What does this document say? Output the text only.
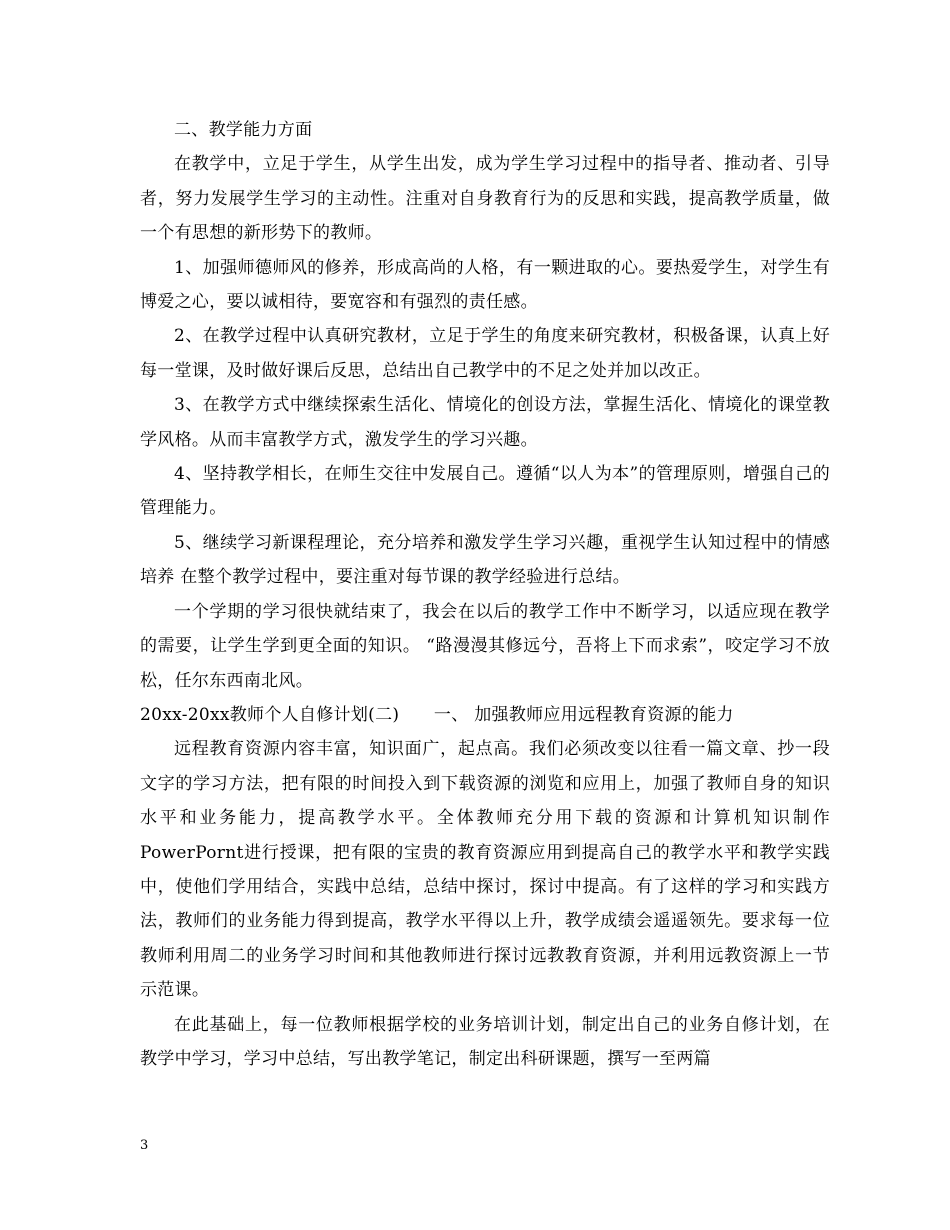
二、教学能力方面

在教学中，立足于学生，从学生出发，成为学生学习过程中的指导者、推动者、引导者，努力发展学生学习的主动性。注重对自身教育行为的反思和实践，提高教学质量，做一个有思想的新形势下的教师。

1、加强师德师风的修养，形成高尚的人格，有一颗进取的心。要热爱学生，对学生有博爱之心，要以诚相待，要宽容和有强烈的责任感。

2、在教学过程中认真研究教材，立足于学生的角度来研究教材，积极备课，认真上好每一堂课，及时做好课后反思，总结出自己教学中的不足之处并加以改正。

3、在教学方式中继续探索生活化、情境化的创设方法，掌握生活化、情境化的课堂教学风格。从而丰富教学方式，激发学生的学习兴趣。

4、坚持教学相长，在师生交往中发展自己。遵循“以人为本”的管理原则，增强自己的管理能力。

5、继续学习新课程理论，充分培养和激发学生学习兴趣，重视学生认知过程中的情感培养 在整个教学过程中，要注重对每节课的教学经验进行总结。

一个学期的学习很快就结束了，我会在以后的教学工作中不断学习，以适应现在教学的需要，让学生学到更全面的知识。 “路漫漫其修远兮，吾将上下而求索”，咬定学习不放松，任尔东西南北风。

20xx-20xx教师个人自修计划(二)　　一、 加强教师应用远程教育资源的能力

远程教育资源内容丰富，知识面广，起点高。我们必须改变以往看一篇文章、抄一段文字的学习方法，把有限的时间投入到下载资源的浏览和应用上，加强了教师自身的知识水平和业务能力，提高教学水平。全体教师充分用下载的资源和计算机知识制作PowerPornt进行授课，把有限的宝贵的教育资源应用到提高自己的教学水平和教学实践中，使他们学用结合，实践中总结，总结中探讨，探讨中提高。有了这样的学习和实践方法，教师们的业务能力得到提高，教学水平得以上升，教学成绩会遥遥领先。要求每一位教师利用周二的业务学习时间和其他教师进行探讨远教教育资源，并利用远教资源上一节示范课。

在此基础上，每一位教师根据学校的业务培训计划，制定出自己的业务自修计划，在教学中学习，学习中总结，写出教学笔记，制定出科研课题，撰写一至两篇

3
